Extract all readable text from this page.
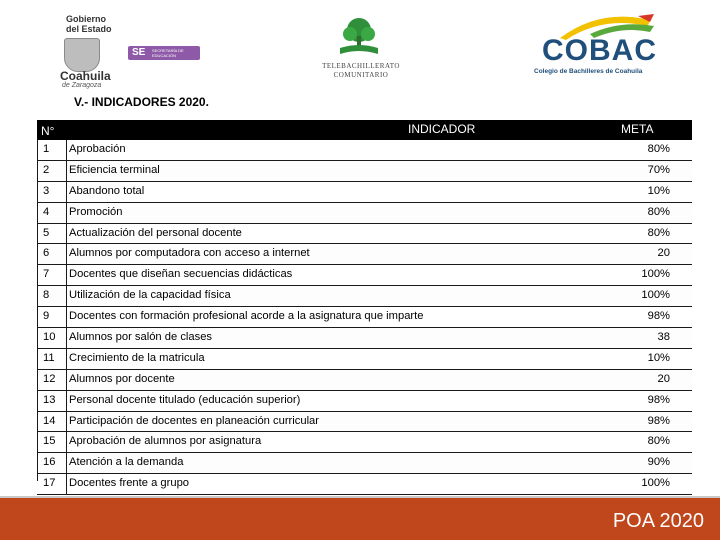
Gobierno
del Estado
Coahuila
de Zaragoza
SE SECRETARÍA DE EDUCACIÓN
TELEBACHILLERATO
COMUNITARIO
COBAC
Colegio de Bachilleres de Coahuila
V.- INDICADORES 2020.
N°	INDICADOR	META
1	Aprobación	80%
2	Eficiencia terminal	70%
3	Abandono total	10%
4	Promoción	80%
5	Actualización del personal docente	80%
6	Alumnos por computadora con acceso a internet	20
7	Docentes que diseñan secuencias didácticas	100%
8	Utilización de la capacidad física	100%
9	Docentes con formación profesional acorde a la asignatura que imparte	98%
10	Alumnos por salón de clases	38
11	Crecimiento de la matricula	10%
12	Alumnos por docente	20
13	Personal docente titulado (educación superior)	98%
14	Participación de docentes en planeación curricular	98%
15	Aprobación de alumnos por asignatura	80%
16	Atención a la demanda	90%
17	Docentes frente a grupo	100%
POA 2020
